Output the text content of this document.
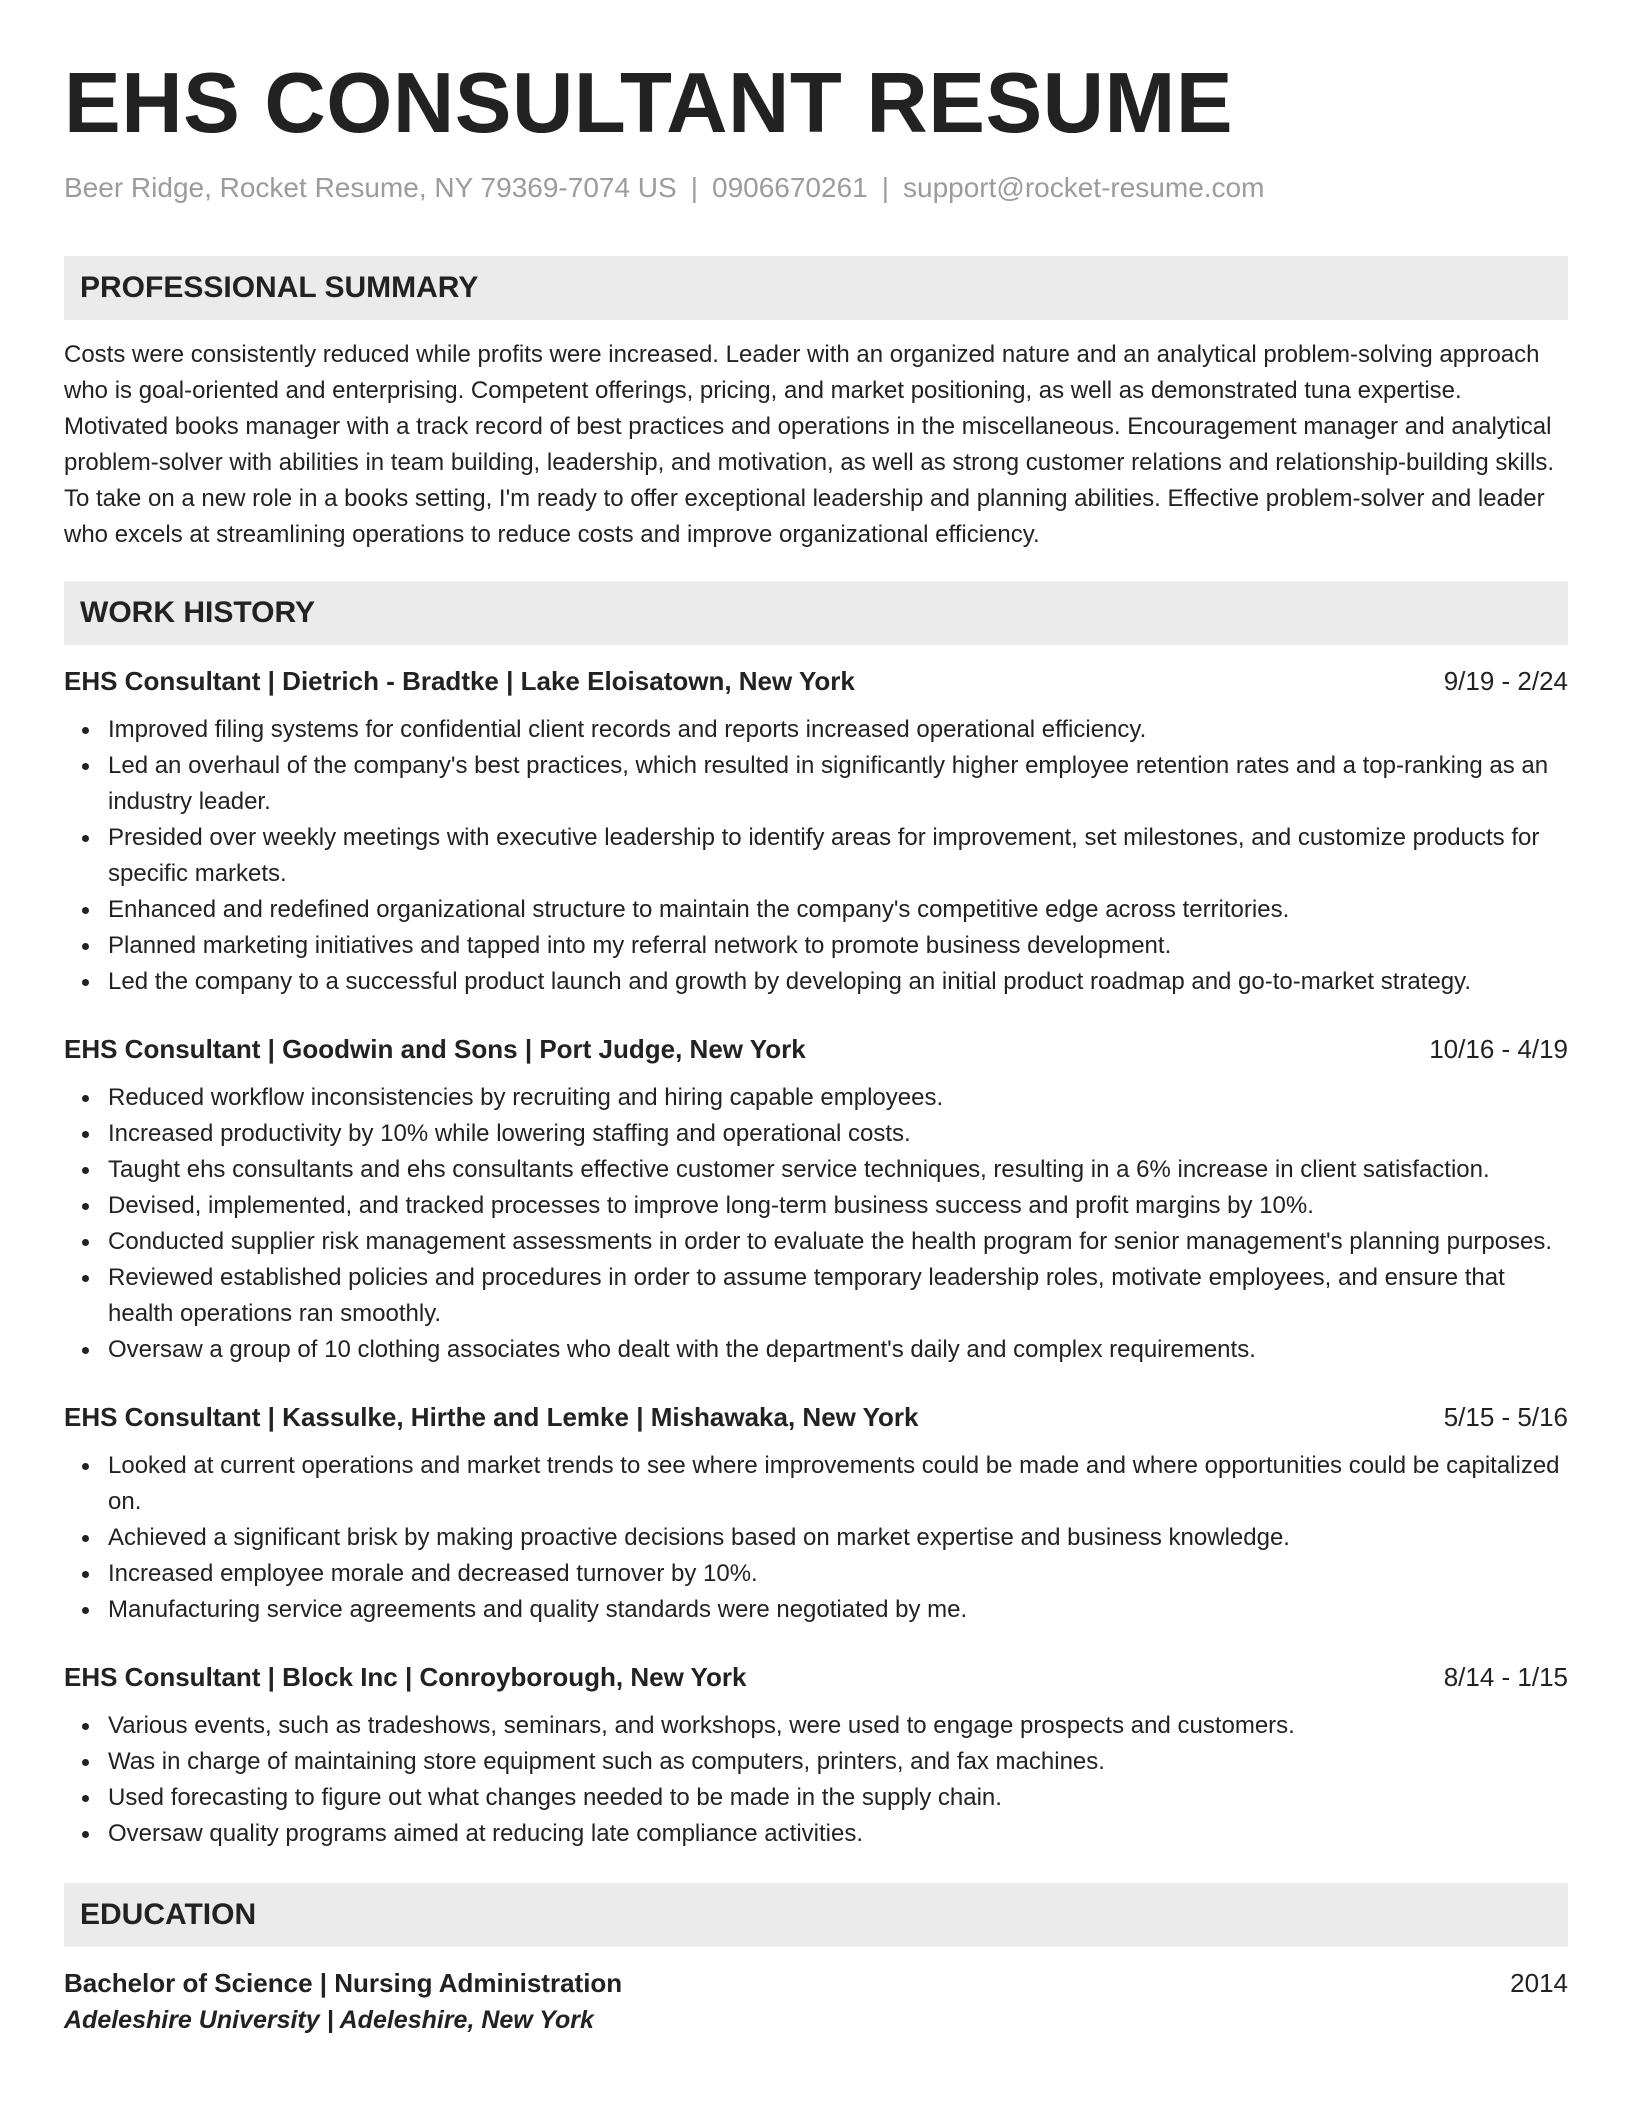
EHS CONSULTANT RESUME
Beer Ridge, Rocket Resume, NY 79369-7074 US | 0906670261 | support@rocket-resume.com
PROFESSIONAL SUMMARY
Costs were consistently reduced while profits were increased. Leader with an organized nature and an analytical problem-solving approach who is goal-oriented and enterprising. Competent offerings, pricing, and market positioning, as well as demonstrated tuna expertise. Motivated books manager with a track record of best practices and operations in the miscellaneous. Encouragement manager and analytical problem-solver with abilities in team building, leadership, and motivation, as well as strong customer relations and relationship-building skills. To take on a new role in a books setting, I'm ready to offer exceptional leadership and planning abilities. Effective problem-solver and leader who excels at streamlining operations to reduce costs and improve organizational efficiency.
WORK HISTORY
EHS Consultant | Dietrich - Bradtke | Lake Eloisatown, New York	9/19 - 2/24
Improved filing systems for confidential client records and reports increased operational efficiency.
Led an overhaul of the company's best practices, which resulted in significantly higher employee retention rates and a top-ranking as an industry leader.
Presided over weekly meetings with executive leadership to identify areas for improvement, set milestones, and customize products for specific markets.
Enhanced and redefined organizational structure to maintain the company's competitive edge across territories.
Planned marketing initiatives and tapped into my referral network to promote business development.
Led the company to a successful product launch and growth by developing an initial product roadmap and go-to-market strategy.
EHS Consultant | Goodwin and Sons | Port Judge, New York	10/16 - 4/19
Reduced workflow inconsistencies by recruiting and hiring capable employees.
Increased productivity by 10% while lowering staffing and operational costs.
Taught ehs consultants and ehs consultants effective customer service techniques, resulting in a 6% increase in client satisfaction.
Devised, implemented, and tracked processes to improve long-term business success and profit margins by 10%.
Conducted supplier risk management assessments in order to evaluate the health program for senior management's planning purposes.
Reviewed established policies and procedures in order to assume temporary leadership roles, motivate employees, and ensure that health operations ran smoothly.
Oversaw a group of 10 clothing associates who dealt with the department's daily and complex requirements.
EHS Consultant | Kassulke, Hirthe and Lemke | Mishawaka, New York	5/15 - 5/16
Looked at current operations and market trends to see where improvements could be made and where opportunities could be capitalized on.
Achieved a significant brisk by making proactive decisions based on market expertise and business knowledge.
Increased employee morale and decreased turnover by 10%.
Manufacturing service agreements and quality standards were negotiated by me.
EHS Consultant | Block Inc | Conroyborough, New York	8/14 - 1/15
Various events, such as tradeshows, seminars, and workshops, were used to engage prospects and customers.
Was in charge of maintaining store equipment such as computers, printers, and fax machines.
Used forecasting to figure out what changes needed to be made in the supply chain.
Oversaw quality programs aimed at reducing late compliance activities.
EDUCATION
Bachelor of Science | Nursing Administration	2014
Adeleshire University | Adeleshire, New York
